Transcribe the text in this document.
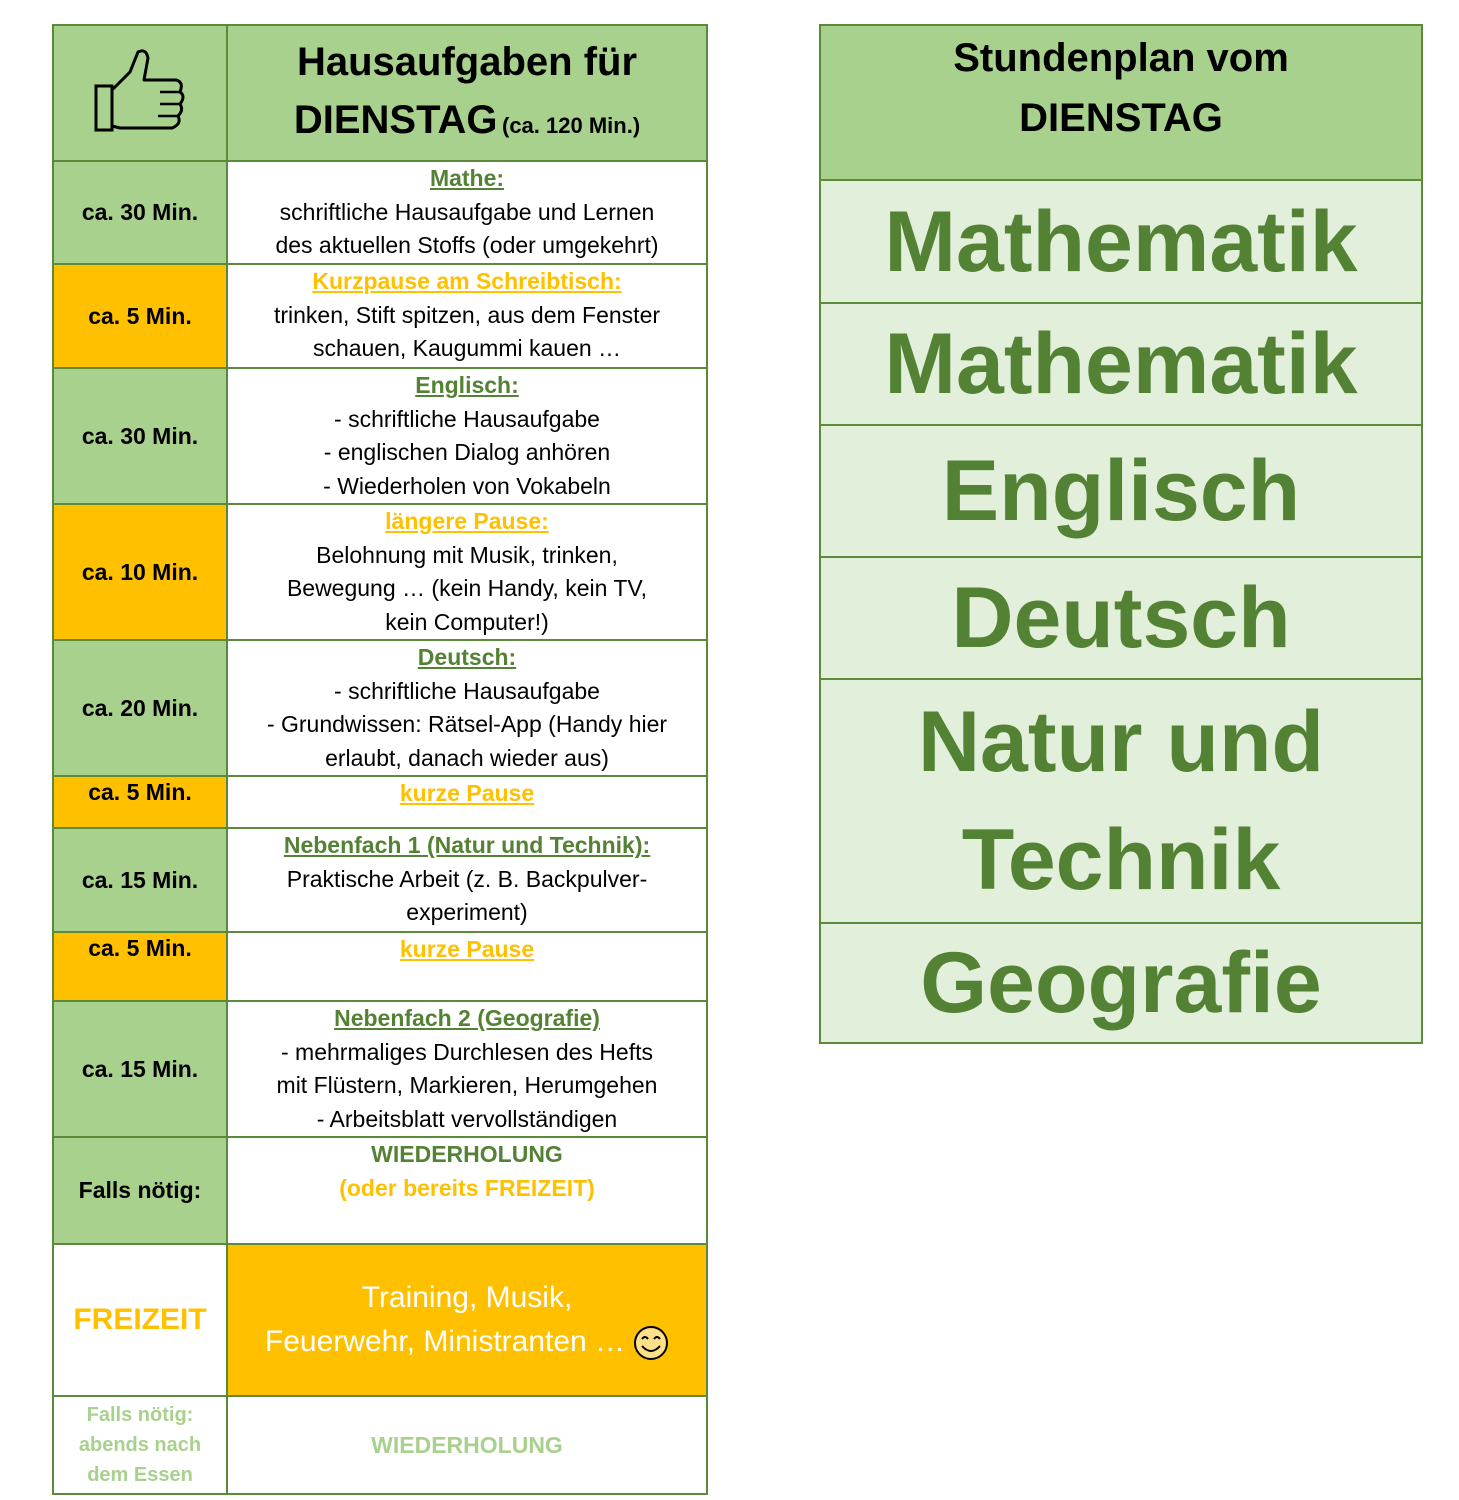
Hausaufgaben für
DIENSTAG (ca. 120 Min.)

ca. 30 Min.	Mathe:
schriftliche Hausaufgabe und Lernen
des aktuellen Stoffs (oder umgekehrt)

ca. 5 Min.	Kurzpause am Schreibtisch:
trinken, Stift spitzen, aus dem Fenster
schauen, Kaugummi kauen …

ca. 30 Min.	Englisch:
- schriftliche Hausaufgabe
- englischen Dialog anhören
- Wiederholen von Vokabeln

ca. 10 Min.	längere Pause:
Belohnung mit Musik, trinken,
Bewegung … (kein Handy, kein TV,
kein Computer!)

ca. 20 Min.	Deutsch:
- schriftliche Hausaufgabe
- Grundwissen: Rätsel-App (Handy hier
erlaubt, danach wieder aus)

ca. 5 Min.	kurze Pause

ca. 15 Min.	Nebenfach 1 (Natur und Technik):
Praktische Arbeit (z. B. Backpulver-
experiment)

ca. 5 Min.	kurze Pause

ca. 15 Min.	Nebenfach 2 (Geografie)
- mehrmaliges Durchlesen des Hefts
mit Flüstern, Markieren, Herumgehen
- Arbeitsblatt vervollständigen

Falls nötig:	WIEDERHOLUNG
(oder bereits FREIZEIT)

FREIZEIT	Training, Musik,
Feuerwehr, Ministranten …

Falls nötig:
abends nach
dem Essen	WIEDERHOLUNG
Stundenplan vom
DIENSTAG

Mathematik
Mathematik
Englisch
Deutsch

Natur und
Technik

Geografie
